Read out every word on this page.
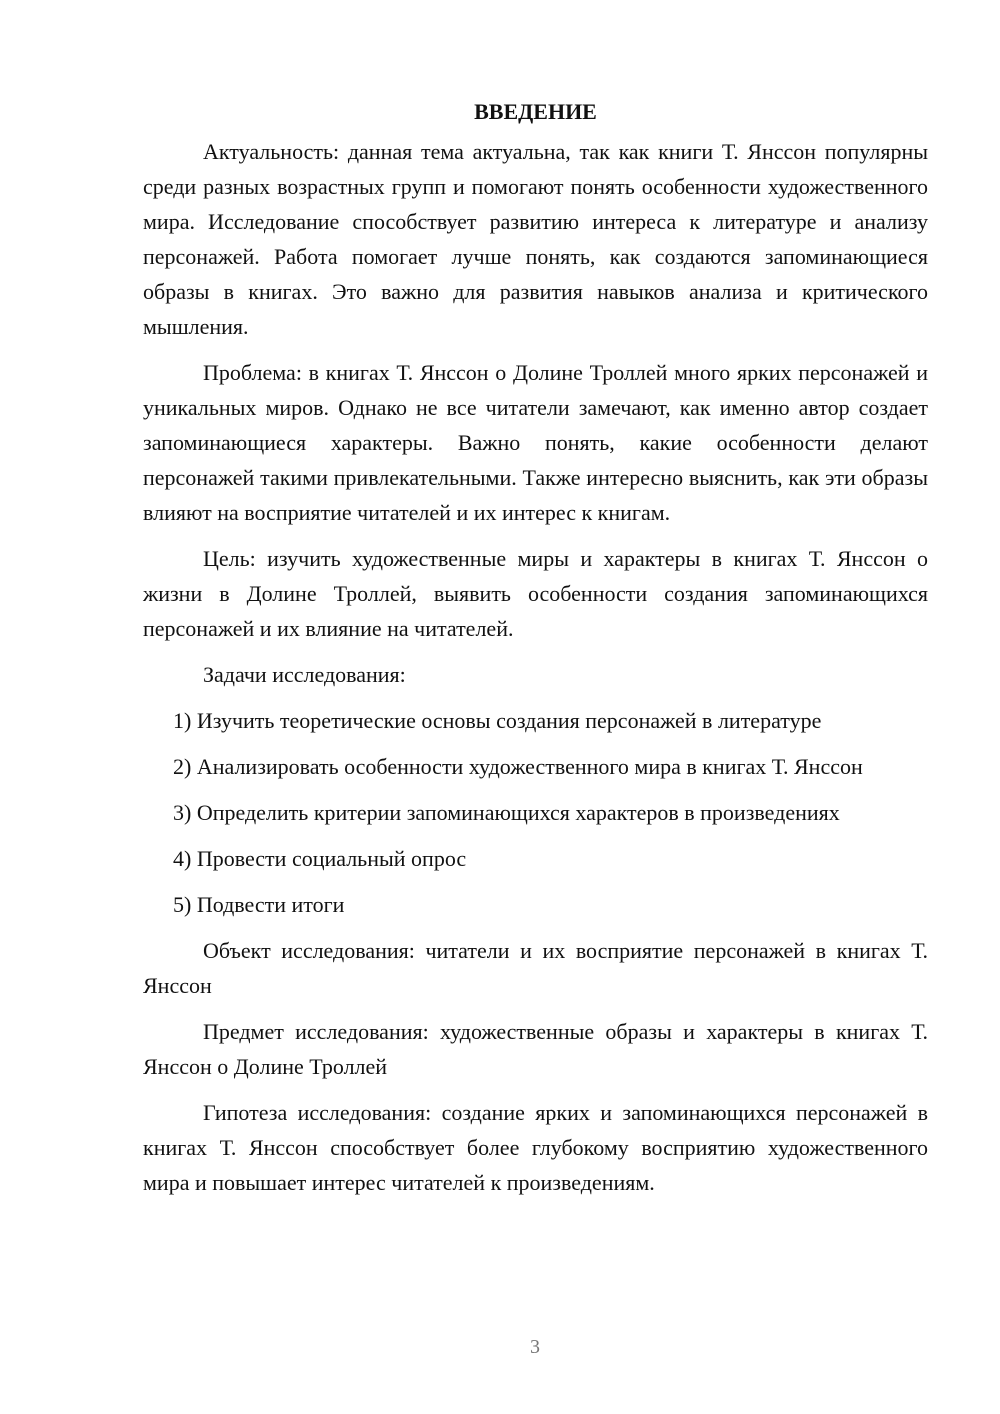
ВВЕДЕНИЕ

Актуальность: данная тема актуальна, так как книги Т. Янссон популярны среди разных возрастных групп и помогают понять особенности художественного мира. Исследование способствует развитию интереса к литературе и анализу персонажей. Работа помогает лучше понять, как создаются запоминающиеся образы в книгах. Это важно для развития навыков анализа и критического мышления.

Проблема: в книгах Т. Янссон о Долине Троллей много ярких персонажей и уникальных миров. Однако не все читатели замечают, как именно автор создает запоминающиеся характеры. Важно понять, какие особенности делают персонажей такими привлекательными. Также интересно выяснить, как эти образы влияют на восприятие читателей и их интерес к книгам.

Цель: изучить художественные миры и характеры в книгах Т. Янссон о жизни в Долине Троллей, выявить особенности создания запоминающихся персонажей и их влияние на читателей.

Задачи исследования:

1) Изучить теоретические основы создания персонажей в литературе

2) Анализировать особенности художественного мира в книгах Т. Янссон

3) Определить критерии запоминающихся характеров в произведениях

4) Провести социальный опрос

5) Подвести итоги

Объект исследования: читатели и их восприятие персонажей в книгах Т. Янссон

Предмет исследования: художественные образы и характеры в книгах Т. Янссон о Долине Троллей

Гипотеза исследования: создание ярких и запоминающихся персонажей в книгах Т. Янссон способствует более глубокому восприятию художественного мира и повышает интерес читателей к произведениям.

3
